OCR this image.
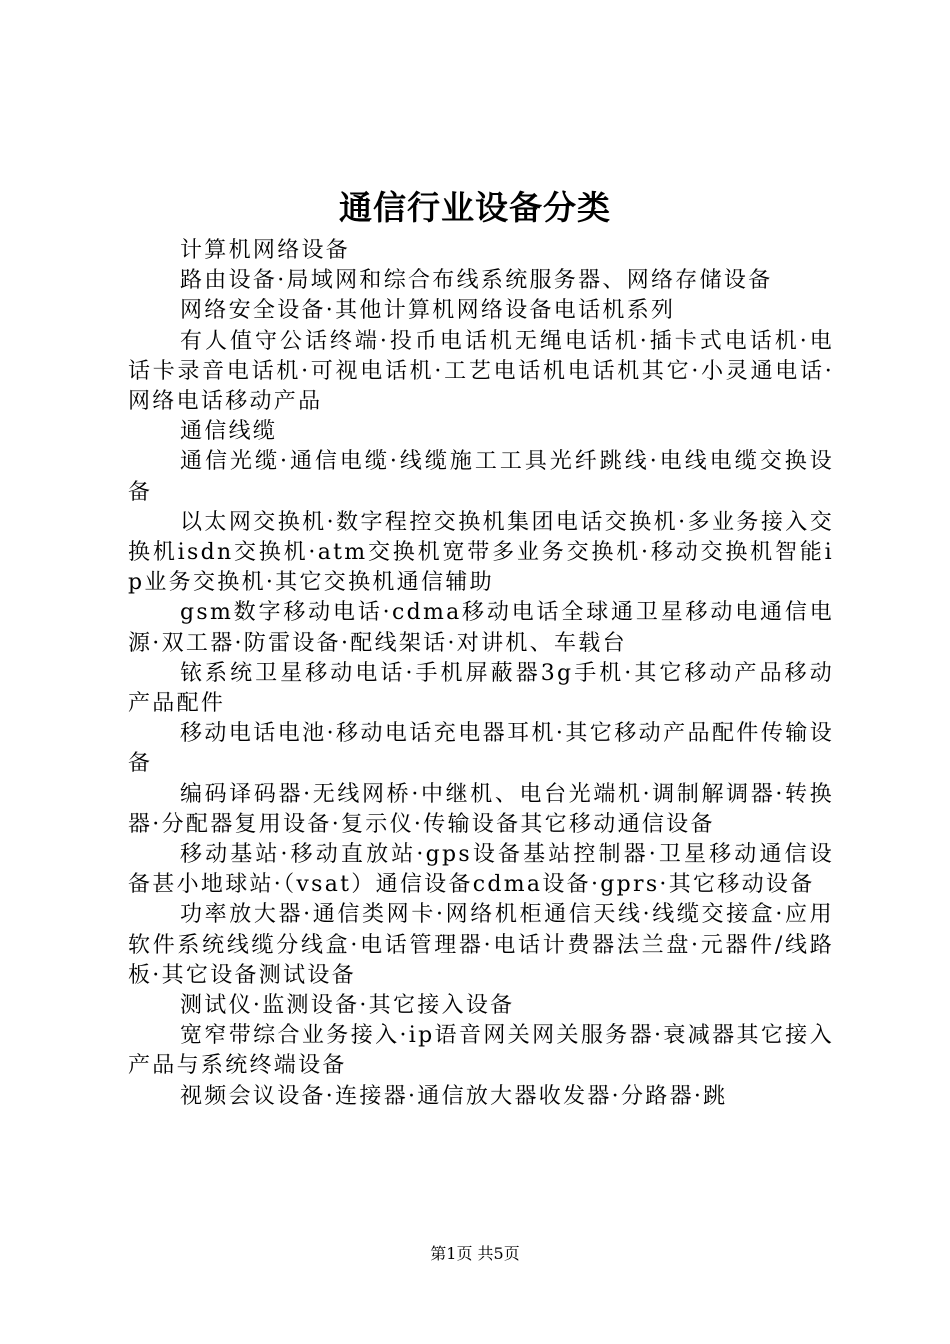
通信行业设备分类

计算机网络设备

路由设备·局域网和综合布线系统服务器、网络存储设备

网络安全设备·其他计算机网络设备电话机系列

有人值守公话终端·投币电话机无绳电话机·插卡式电话机·电话卡录音电话机·可视电话机·工艺电话机电话机其它·小灵通电话·网络电话移动产品

通信线缆

通信光缆·通信电缆·线缆施工工具光纤跳线·电线电缆交换设备

以太网交换机·数字程控交换机集团电话交换机·多业务接入交换机isdn交换机·atm交换机宽带多业务交换机·移动交换机智能ip业务交换机·其它交换机通信辅助

gsm数字移动电话·cdma移动电话全球通卫星移动电通信电源·双工器·防雷设备·配线架话·对讲机、车载台

铱系统卫星移动电话·手机屏蔽器3g手机·其它移动产品移动产品配件

移动电话电池·移动电话充电器耳机·其它移动产品配件传输设备

编码译码器·无线网桥·中继机、电台光端机·调制解调器·转换器·分配器复用设备·复示仪·传输设备其它移动通信设备

移动基站·移动直放站·gps设备基站控制器·卫星移动通信设备甚小地球站·（vsat）通信设备cdma设备·gprs·其它移动设备

功率放大器·通信类网卡·网络机柜通信天线·线缆交接盒·应用软件系统线缆分线盒·电话管理器·电话计费器法兰盘·元器件/线路板·其它设备测试设备

测试仪·监测设备·其它接入设备

宽窄带综合业务接入·ip语音网关网关服务器·衰减器其它接入产品与系统终端设备

视频会议设备·连接器·通信放大器收发器·分路器·跳

第1页 共5页
